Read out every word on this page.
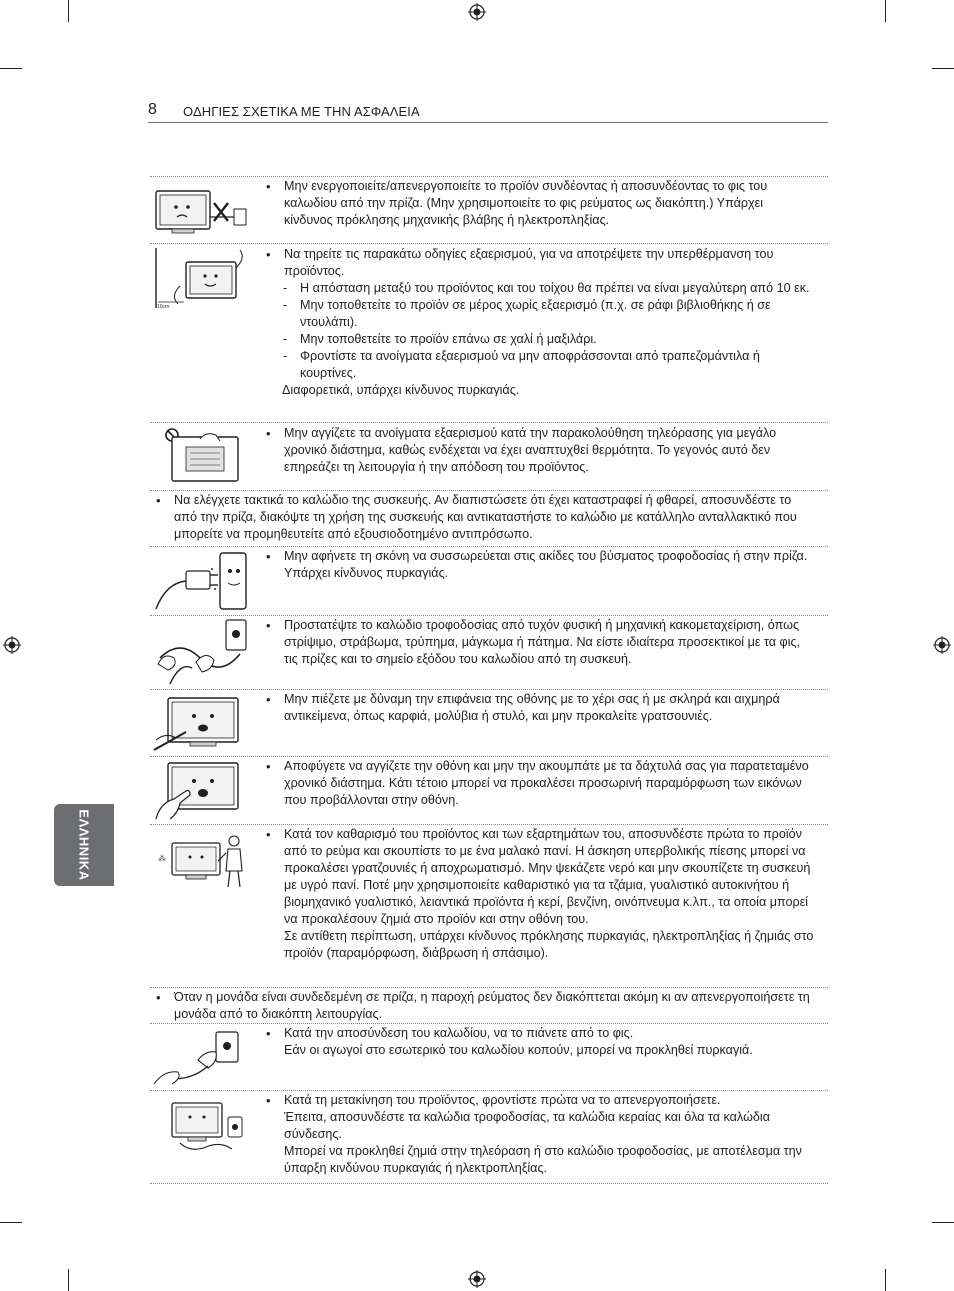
8 ΟΔΗΓΙΕΣ ΣΧΕΤΙΚΑ ΜΕ ΤΗΝ ΑΣΦΑΛΕΙΑ
ΕΛΛΗΝΙΚΑ
• Μην ενεργοποιείτε/απενεργοποιείτε το προϊόν συνδέοντας ή αποσυνδέοντας το φις του καλωδίου από την πρίζα. (Μην χρησιμοποιείτε το φις ρεύματος ως διακόπτη.) Υπάρχει κίνδυνος πρόκλησης μηχανικής βλάβης ή ηλεκτροπληξίας.
10cm
• Να τηρείτε τις παρακάτω οδηγίες εξαερισμού, για να αποτρέψετε την υπερθέρμανση του προϊόντος.
- Η απόσταση μεταξύ του προϊόντος και του τοίχου θα πρέπει να είναι μεγαλύτερη από 10 εκ.
- Μην τοποθετείτε το προϊόν σε μέρος χωρίς εξαερισμό (π.χ. σε ράφι βιβλιοθήκης ή σε ντουλάπι).
- Μην τοποθετείτε το προϊόν επάνω σε χαλί ή μαξιλάρι.
- Φροντίστε τα ανοίγματα εξαερισμού να μην αποφράσσονται από τραπεζομάντιλα ή κουρτίνες.
Διαφορετικά, υπάρχει κίνδυνος πυρκαγιάς.
• Μην αγγίζετε τα ανοίγματα εξαερισμού κατά την παρακολούθηση τηλεόρασης για μεγάλο χρονικό διάστημα, καθώς ενδέχεται να έχει αναπτυχθεί θερμότητα. Το γεγονός αυτό δεν επηρεάζει τη λειτουργία ή την απόδοση του προϊόντος.
• Να ελέγχετε τακτικά το καλώδιο της συσκευής. Αν διαπιστώσετε ότι έχει καταστραφεί ή φθαρεί, αποσυνδέστε το από την πρίζα, διακόψτε τη χρήση της συσκευής και αντικαταστήστε το καλώδιο με κατάλληλο ανταλλακτικό που μπορείτε να προμηθευτείτε από εξουσιοδοτημένο αντιπρόσωπο.
• Μην αφήνετε τη σκόνη να συσσωρεύεται στις ακίδες του βύσματος τροφοδοσίας ή στην πρίζα.
Υπάρχει κίνδυνος πυρκαγιάς.
• Προστατέψτε το καλώδιο τροφοδοσίας από τυχόν φυσική ή μηχανική κακομεταχείριση, όπως στρίψιμο, στράβωμα, τρύπημα, μάγκωμα ή πάτημα. Να είστε ιδιαίτερα προσεκτικοί με τα φις, τις πρίζες και το σημείο εξόδου του καλωδίου από τη συσκευή.
• Μην πιέζετε με δύναμη την επιφάνεια της οθόνης με το χέρι σας ή με σκληρά και αιχμηρά αντικείμενα, όπως καρφιά, μολύβια ή στυλό, και μην προκαλείτε γρατσουνιές.
• Αποφύγετε να αγγίζετε την οθόνη και μην την ακουμπάτε με τα δάχτυλά σας για παρατεταμένο χρονικό διάστημα. Κάτι τέτοιο μπορεί να προκαλέσει προσωρινή παραμόρφωση των εικόνων που προβάλλονται στην οθόνη.
⁂
• Κατά τον καθαρισμό του προϊόντος και των εξαρτημάτων του, αποσυνδέστε πρώτα το προϊόν από το ρεύμα και σκουπίστε το με ένα μαλακό πανί. Η άσκηση υπερβολικής πίεσης μπορεί να προκαλέσει γρατζουνιές ή αποχρωματισμό. Μην ψεκάζετε νερό και μην σκουπίζετε τη συσκευή με υγρό πανί. Ποτέ μην χρησιμοποιείτε καθαριστικό για τα τζάμια, γυαλιστικό αυτοκινήτου ή βιομηχανικό γυαλιστικό, λειαντικά προϊόντα ή κερί, βενζίνη, οινόπνευμα κ.λπ., τα οποία μπορεί να προκαλέσουν ζημιά στο προϊόν και στην οθόνη του.
Σε αντίθετη περίπτωση, υπάρχει κίνδυνος πρόκλησης πυρκαγιάς, ηλεκτροπληξίας ή ζημιάς στο προϊόν (παραμόρφωση, διάβρωση ή σπάσιμο).
• Όταν η μονάδα είναι συνδεδεμένη σε πρίζα, η παροχή ρεύματος δεν διακόπτεται ακόμη κι αν απενεργοποιήσετε τη μονάδα από το διακόπτη λειτουργίας.
• Κατά την αποσύνδεση του καλωδίου, να το πιάνετε από το φις.
Εάν οι αγωγοί στο εσωτερικό του καλωδίου κοπούν, μπορεί να προκληθεί πυρκαγιά.
• Κατά τη μετακίνηση του προϊόντος, φροντίστε πρώτα να το απενεργοποιήσετε.
Έπειτα, αποσυνδέστε τα καλώδια τροφοδοσίας, τα καλώδια κεραίας και όλα τα καλώδια σύνδεσης.
Μπορεί να προκληθεί ζημιά στην τηλεόραση ή στο καλώδιο τροφοδοσίας, με αποτέλεσμα την ύπαρξη κινδύνου πυρκαγιάς ή ηλεκτροπληξίας.
